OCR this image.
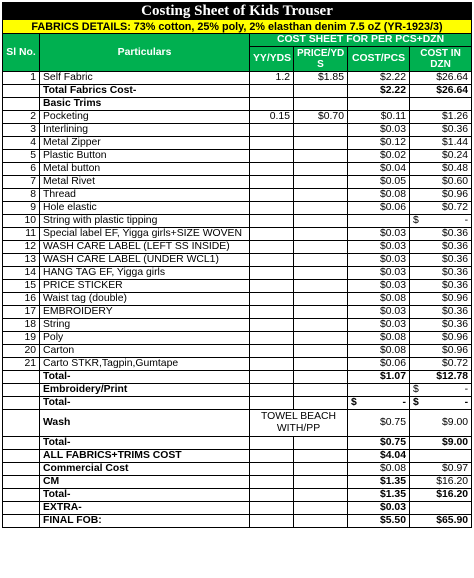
Costing Sheet of Kids Trouser					
FABRICS DETAILS: 73% cotton, 25% poly, 2% elasthan denim 7.5 oZ (YR-1923/3)					
Sl No.	Particulars	COST SHEET FOR PER PCS+DZN			
		YY/YDS	PRICE/YD S	COST/PCS	COST IN DZN
1	Self Fabric	1.2	$1.85	$2.22	$26.64
	Total Fabrics Cost-			$2.22	$26.64
	Basic Trims				
2	Pocketing	0.15	$0.70	$0.11	$1.26
3	Interlining			$0.03	$0.36
4	Metal Zipper			$0.12	$1.44
5	Plastic Button			$0.02	$0.24
6	Metal button			$0.04	$0.48
7	Metal Rivet			$0.05	$0.60
8	Thread			$0.08	$0.96
9	Hole elastic			$0.06	$0.72
10	String with plastic tipping				$ -

11	Special label EF, Yigga girls+SIZE WOVEN			$0.03	$0.36
12	WASH CARE LABEL (LEFT SS INSIDE)			$0.03	$0.36
13	WASH CARE LABEL (UNDER WCL1)			$0.03	$0.36
14	HANG TAG EF, Yigga girls			$0.03	$0.36
15	PRICE STICKER			$0.03	$0.36
16	Waist tag (double)			$0.08	$0.96
17	EMBROIDERY			$0.03	$0.36
18	String			$0.03	$0.36
19	Poly			$0.08	$0.96
20	Carton			$0.08	$0.96
21	Carto STKR,Tagpin,Gumtape			$0.06	$0.72
	Total-			$1.07	$12.78
	Embroidery/Print				$ -

	Total-			$ -	$ -

	Wash	TOWEL BEACH WITH/PP		$0.75	$9.00
	Total-			$0.75	$9.00
	ALL FABRICS+TRIMS COST			$4.04	
	Commercial Cost			$0.08	$0.97
	CM			$1.35	$16.20
	Total-			$1.35	$16.20
	EXTRA-			$0.03	
	FINAL FOB:			$5.50	$65.90
